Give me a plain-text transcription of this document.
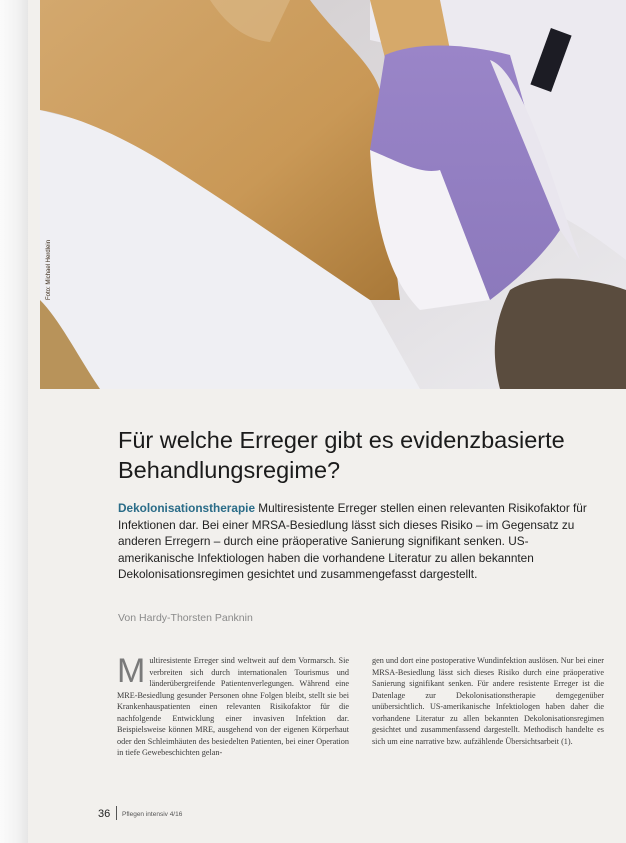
Foto: Michael Herdlein
Für welche Erreger gibt es evidenzbasierte Behandlungsregime?

Dekolonisationstherapie Multiresistente Erreger stellen einen relevanten Risikofaktor für Infektionen dar. Bei einer MRSA-Besiedlung lässt sich dieses Risiko – im Gegensatz zu anderen Erregern – durch eine präoperative Sanierung signifikant senken. US-amerikanische Infektiologen haben die vorhandene Literatur zu allen bekannten Dekolonisationsregimen gesichtet und zusammengefasst dargestellt.

Von Hardy-Thorsten Panknin

Multiresistente Erreger sind weltweit auf dem Vormarsch. Sie verbreiten sich durch internationalen Tourismus und länderübergreifende Patientenverlegungen. Während eine MRE-Besiedlung gesunder Personen ohne Folgen bleibt, stellt sie bei Krankenhauspatienten einen relevanten Risikofaktor für die nachfolgende Entwicklung einer invasiven Infektion dar. Beispielsweise können MRE, ausgehend von der eigenen Körperhaut oder den Schleimhäuten des besiedelten Patienten, bei einer Operation in tiefe Gewebeschichten gelan-

gen und dort eine postoperative Wundinfektion auslösen. Nur bei einer MRSA-Besiedlung lässt sich dieses Risiko durch eine präoperative Sanierung signifikant senken. Für andere resistente Erreger ist die Datenlage zur Dekolonisationstherapie demgegenüber unübersichtlich. US-amerikanische Infektiologen haben daher die vorhandene Literatur zu allen bekannten Dekolonisationsregimen gesichtet und zusammenfassend dargestellt. Methodisch handelte es sich um eine narrative bzw. aufzählende Übersichtsarbeit (1).

36 Pflegen intensiv 4/16
